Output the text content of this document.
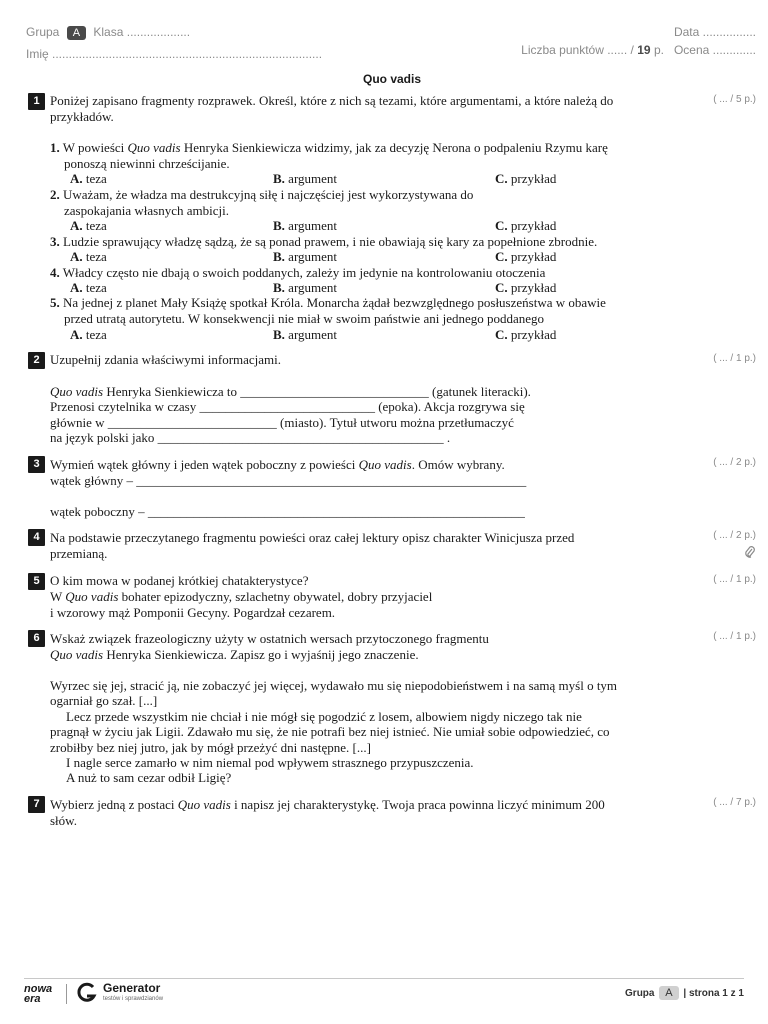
Grupa A Klasa ...................
Imię .................................................................................
Data ................
Liczba punktów ...... / 19 p. Ocena .............
Quo vadis
1	( ... / 5 p.)
Poniżej zapisano fragmenty rozprawek. Określ, które z nich są tezami, które argumentami, a które należą do
przykładów.
1. W powieści Quo vadis Henryka Sienkiewicza widzimy, jak za decyzję Nerona o podpaleniu Rzymu karę
ponoszą niewinni chrześcijanie.
2. Uważam, że władza ma destrukcyjną siłę i najczęściej jest wykorzystywana do
zaspokajania własnych ambicji.
3. Ludzie sprawujący władzę sądzą, że są ponad prawem, i nie obawiają się kary za popełnione zbrodnie.
4. Władcy często nie dbają o swoich poddanych, zależy im jedynie na kontrolowaniu otoczenia
5. Na jednej z planet Mały Książę spotkał Króla. Monarcha żądał bezwzględnego posłuszeństwa w obawie
przed utratą autorytetu. W konsekwencji nie miał w swoim państwie ani jednego poddanego
A. teza	B. argument	C. przykład
A. teza	B. argument	C. przykład
A. teza	B. argument	C. przykład
A. teza	B. argument	C. przykład
A. teza	B. argument	C. przykład
2	( ... / 1 p.)
Uzupełnij zdania właściwymi informacjami.
Quo vadis Henryka Sienkiewicza to _____________________________ (gatunek literacki).
Przenosi czytelnika w czasy ___________________________ (epoka). Akcja rozgrywa się
głównie w __________________________ (miasto). Tytuł utworu można przetłumaczyć
na język polski jako ____________________________________________ .
3	( ... / 2 p.)
Wymień wątek główny i jeden wątek poboczny z powieści Quo vadis. Omów wybrany.
wątek główny – ____________________________________________________________
wątek poboczny – __________________________________________________________
4	( ... / 2 p.)
Na podstawie przeczytanego fragmentu powieści oraz całej lektury opisz charakter Winicjusza przed
przemianą.
5	( ... / 1 p.)
O kim mowa w podanej krótkiej chatakterystyce?
W Quo vadis bohater epizodyczny, szlachetny obywatel, dobry przyjaciel
i wzorowy mąż Pomponii Gecyny. Pogardzał cezarem.
6	( ... / 1 p.)
Wskaż związek frazeologiczny użyty w ostatnich wersach przytoczonego fragmentu
Quo vadis Henryka Sienkiewicza. Zapisz go i wyjaśnij jego znaczenie.
Wyrzec się jej, stracić ją, nie zobaczyć jej więcej, wydawało mu się niepodobieństwem i na samą myśl o tym
ogarniał go szał. [...]
Lecz przede wszystkim nie chciał i nie mógł się pogodzić z losem, albowiem nigdy niczego tak nie
pragnął w życiu jak Ligii. Zdawało mu się, że nie potrafi bez niej istnieć. Nie umiał sobie odpowiedzieć, co
zrobiłby bez niej jutro, jak by mógł przeżyć dni następne. [...]
I nagle serce zamarło w nim niemal pod wpływem strasznego przypuszczenia.
A nuż to sam cezar odbił Ligię?
7	( ... / 7 p.)
Wybierz jedną z postaci Quo vadis i napisz jej charakterystykę. Twoja praca powinna liczyć minimum 200
słów.
nowa
era
Generator
testów i sprawdzianów	Grupa A | strona 1 z 1
